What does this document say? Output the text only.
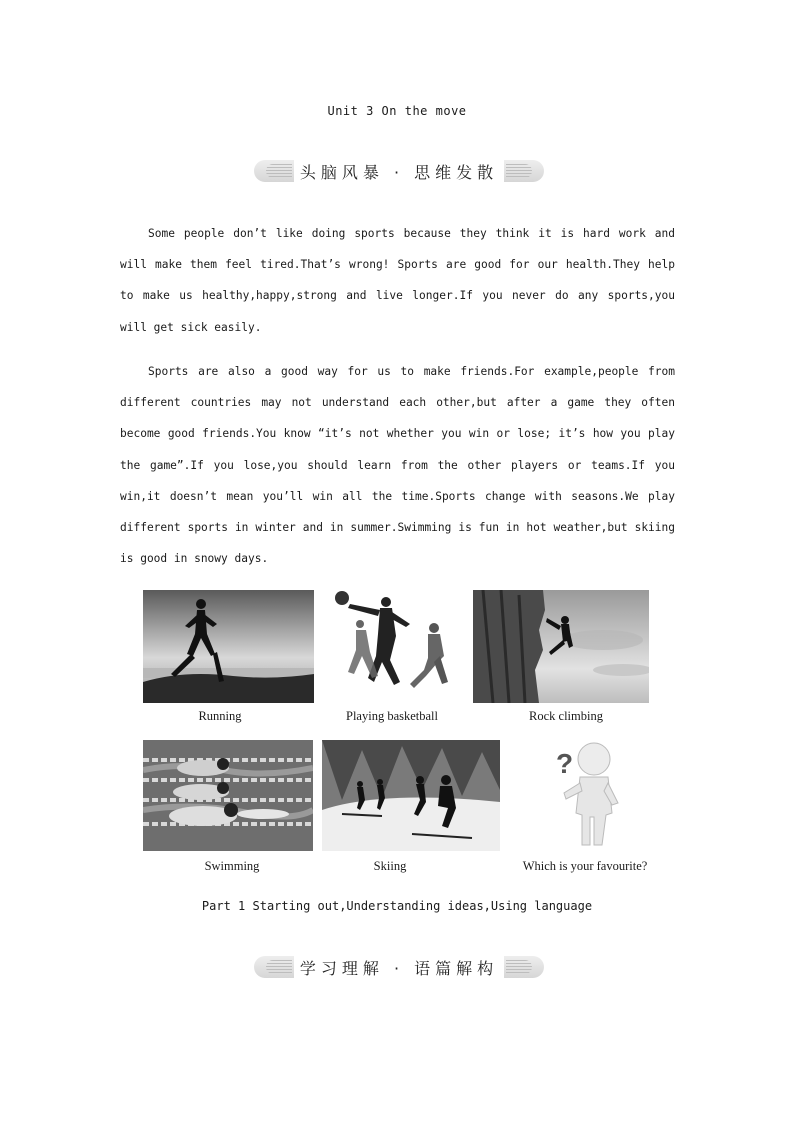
Unit 3 On the move
头脑风暴 · 思维发散

Some people don’t like doing sports because they think it is hard work and will make them feel tired.That’s wrong! Sports are good for our health.They help to make us healthy,happy,strong and live longer.If you never do any sports,you will get sick easily.

Sports are also a good way for us to make friends.For example,people from different countries may not understand each other,but after a game they often become good friends.You know “it’s not whether you win or lose; it’s how you play the game”.If you lose,you should learn from the other players or teams.If you win,it doesn’t mean you’ll win all the time.Sports change with seasons.We play different sports in winter and in summer.Swimming is fun in hot weather,but skiing is good in snowy days.

Running	Playing basketball	Rock climbing
Swimming	Skiing
?
Which is your favourite?
Part 1 Starting out,Understanding ideas,Using language
学习理解 · 语篇解构
